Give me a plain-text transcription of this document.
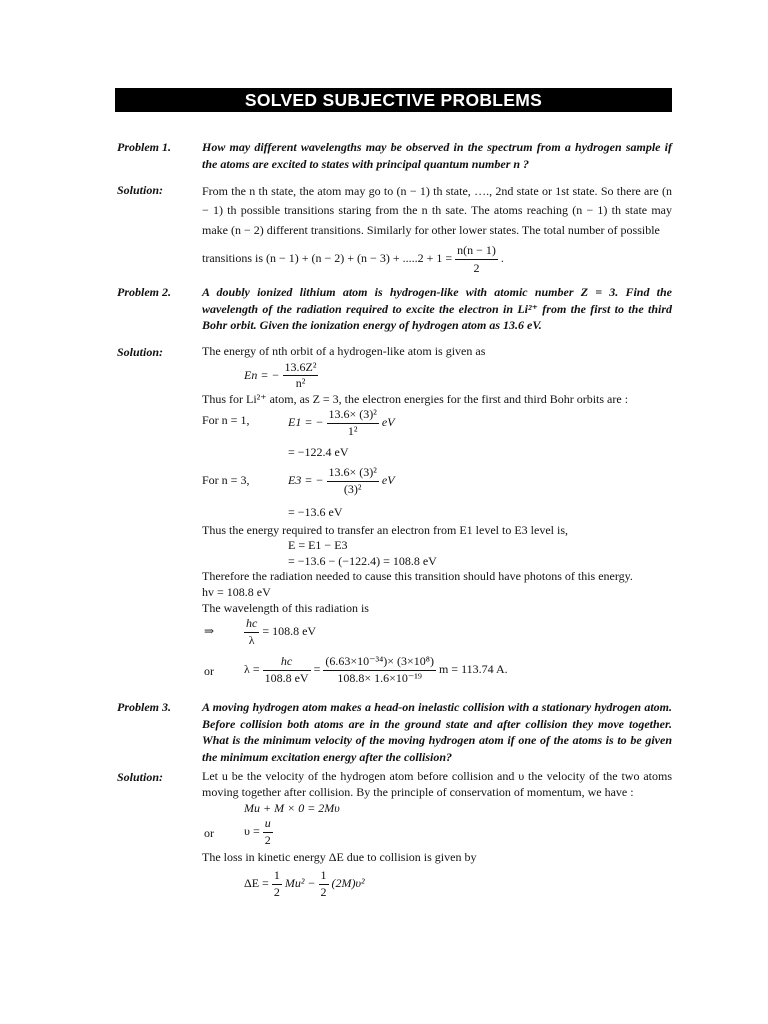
SOLVED SUBJECTIVE PROBLEMS
Problem 1.	How may different wavelengths may be observed in the spectrum from a hydrogen sample if the atoms are excited to states with principal quantum number n ?
Solution:	From the n th state, the atom may go to (n − 1) th state, …., 2nd state or 1st state. So there are (n − 1) th possible transitions staring from the n th sate. The atoms reaching (n − 1) th state may make (n − 2) different transitions. Similarly for other lower states. The total number of possible

transitions is $(n - 1) + (n - 2) + (n - 3) + .....2 + 1 = \frac{n(n - 1)}{2}$ .
Problem 2.	A doubly ionized lithium atom is hydrogen-like with atomic number Z = 3. Find the wavelength of the radiation required to excite the electron in Li²⁺ from the first to the third Bohr orbit. Given the ionization energy of hydrogen atom as 13.6 eV.
Solution:	The energy of nth orbit of a hydrogen-like atom is given as

En = − $\frac{\text{13.6Z²}}{\text{n²}}$

Thus for Li²⁺ atom, as Z = 3, the electron energies for the first and third Bohr orbits are :

For n = 1,	E1 = − $\frac{\text{13.6× (3)²}}{\text{1²}}$ eV
= −122.4 eV
For n = 3,	E3 = − $\frac{\text{13.6× (3)²}}{\text{(3)²}}$ eV
= −13.6 eV

Thus the energy required to transfer an electron from E1 level to E3 level is,

E = E1 − E3
= −13.6 − (−122.4) = 108.8 eV

Therefore the radiation needed to cause this transition should have photons of this energy.

hv = 108.8 eV

The wavelength of this radiation is

⇒ $\frac{hc}{\lambda} = 108.8$ eV
or	$\lambda = \frac{hc}{108.8 eV} = \frac{\text{(6.63×10⁻³⁴)× (3×10⁸)}}{\text{108.8× 1.6×10⁻¹⁹}}$ m = 113.74 A.
Problem 3.	A moving hydrogen atom makes a head-on inelastic collision with a stationary hydrogen atom. Before collision both atoms are in the ground state and after collision they move together. What is the minimum velocity of the moving hydrogen atom if one of the atoms is to be given the minimum excitation energy after the collision?
Solution:	Let u be the velocity of the hydrogen atom before collision and υ the velocity of the two atoms moving together after collision. By the principle of conservation of momentum, we have :

Mu + M × 0 = 2Mυ
or	$\upsilon = \frac{u}{2}$

The loss in kinetic energy ΔE due to collision is given by

$\Delta E = \frac{1}{2} Mu^2 - \frac{1}{2} (2M)\upsilon^2$
